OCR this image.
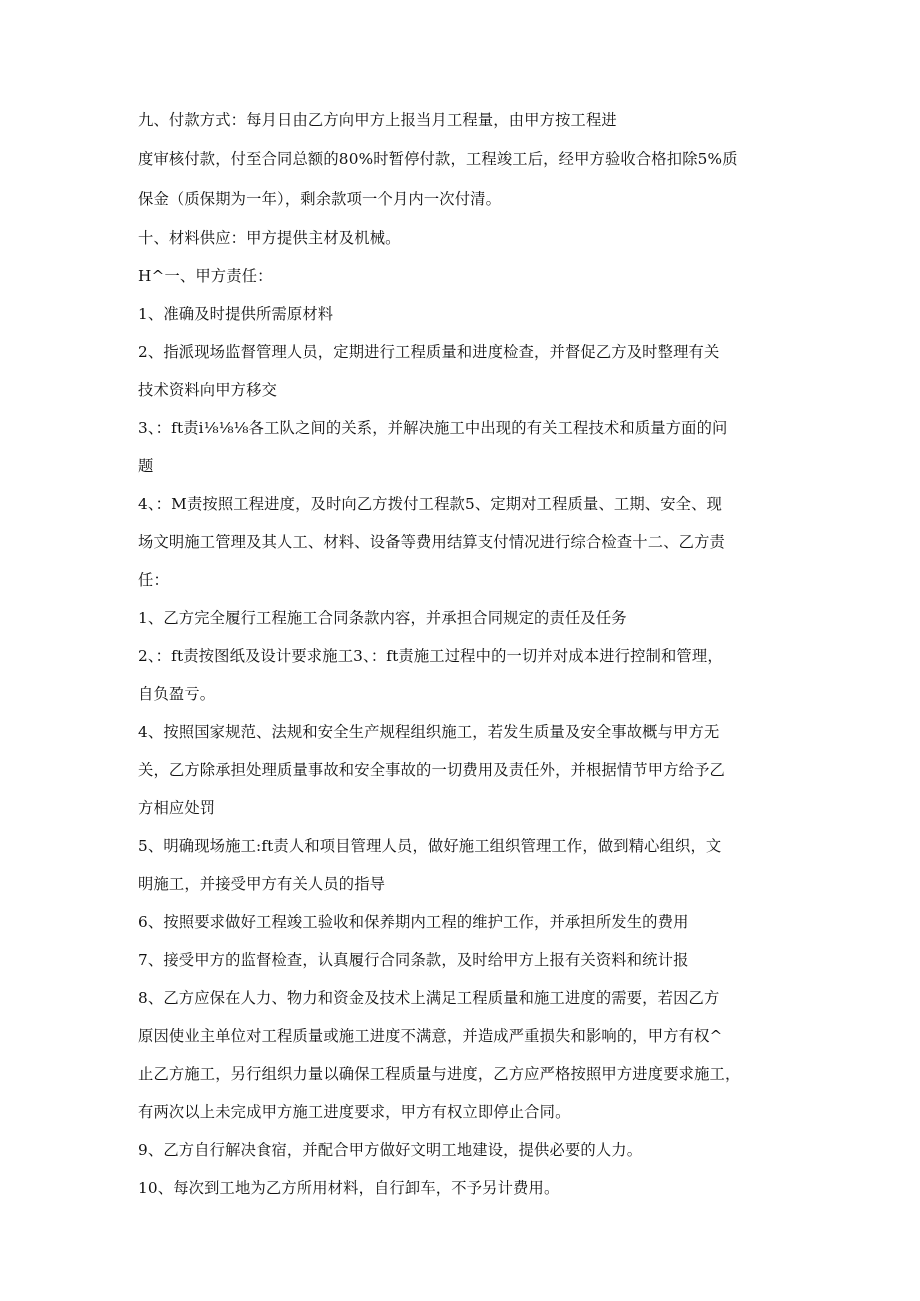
九、付款方式：每月日由乙方向甲方上报当月工程量，由甲方按工程进
度审核付款，付至合同总额的80%时暂停付款，工程竣工后，经甲方验收合格扣除5%质
保金（质保期为一年），剩余款项一个月内一次付清。
十、材料供应：甲方提供主材及机械。
H^一、甲方责任：
1、准确及时提供所需原材料
2、指派现场监督管理人员，定期进行工程质量和进度检查，并督促乙方及时整理有关
技术资料向甲方移交
3、：ft责i⅛⅛⅛各工队之间的关系，并解决施工中出现的有关工程技术和质量方面的问
题
4、：M责按照工程进度，及时向乙方拨付工程款5、定期对工程质量、工期、安全、现
场文明施工管理及其人工、材料、设备等费用结算支付情况进行综合检查十二、乙方责
任：
1、乙方完全履行工程施工合同条款内容，并承担合同规定的责任及任务
2、：ft责按图纸及设计要求施工3、：ft责施工过程中的一切并对成本进行控制和管理，
自负盈亏。
4、按照国家规范、法规和安全生产规程组织施工，若发生质量及安全事故概与甲方无
关，乙方除承担处理质量事故和安全事故的一切费用及责任外，并根据情节甲方给予乙
方相应处罚
5、明确现场施工:ft责人和项目管理人员，做好施工组织管理工作，做到精心组织，文
明施工，并接受甲方有关人员的指导
6、按照要求做好工程竣工验收和保养期内工程的维护工作，并承担所发生的费用
7、接受甲方的监督检查，认真履行合同条款，及时给甲方上报有关资料和统计报
8、乙方应保在人力、物力和资金及技术上满足工程质量和施工进度的需要，若因乙方
原因使业主单位对工程质量或施工进度不满意，并造成严重损失和影响的，甲方有权^
止乙方施工，另行组织力量以确保工程质量与进度，乙方应严格按照甲方进度要求施工，
有两次以上未完成甲方施工进度要求，甲方有权立即停止合同。
9、乙方自行解决食宿，并配合甲方做好文明工地建设，提供必要的人力。
10、每次到工地为乙方所用材料，自行卸车，不予另计费用。
